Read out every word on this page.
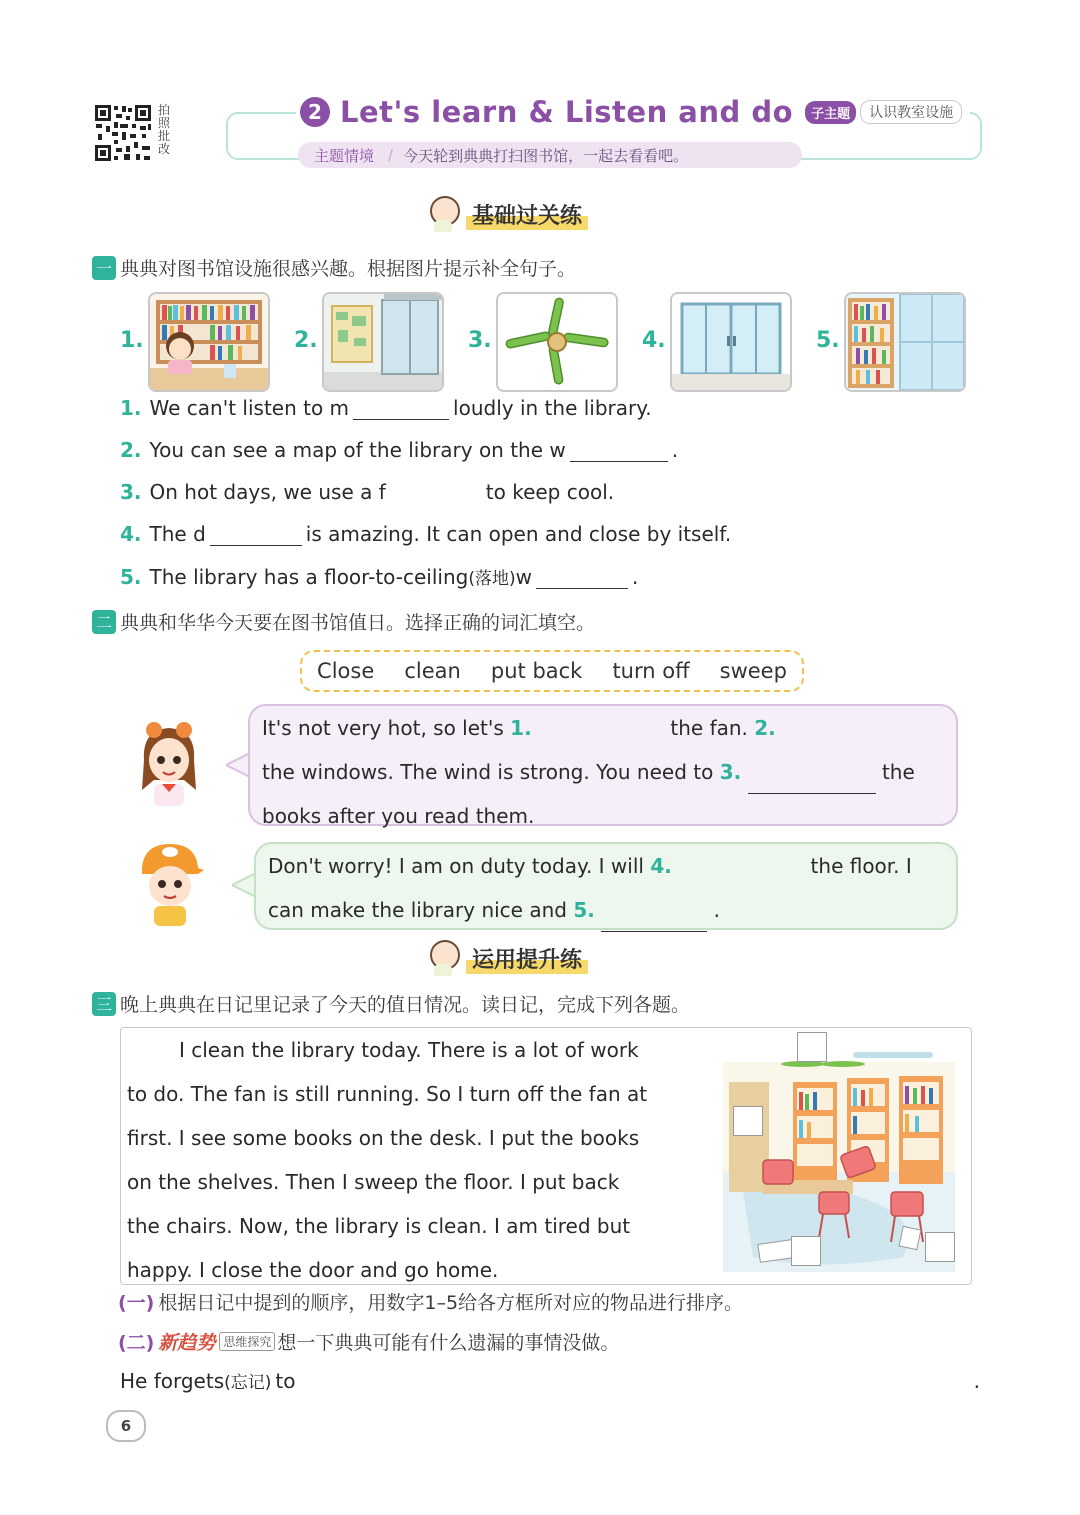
拍照批改
2 Let's learn & Listen and do	子主题	认识教室设施
主题情境 / 今天轮到典典打扫图书馆，一起去看看吧。
基础过关练
一 典典对图书馆设施很感兴趣。根据图片提示补全句子。
1.	2.	3.	4.	5.
1. We can't listen to m	loudly in the library.
2. You can see a map of the library on the w	.
3. On hot days, we use a f	to keep cool.
4. The d	is amazing. It can open and close by itself.
5. The library has a floor-to-ceiling (落地) w	.
二 典典和华华今天要在图书馆值日。选择正确的词汇填空。
Close clean put back turn off sweep
It's not very hot, so let's 1.	the fan. 2.
the windows. The wind is strong. You need to 3.	the
books after you read them.
Don't worry! I am on duty today. I will 4.	the floor. I
can make the library nice and 5.	.
运用提升练
三 晚上典典在日记里记录了今天的值日情况。读日记，完成下列各题。
I clean the library today. There is a lot of work
to do. The fan is still running. So I turn off the fan at
first. I see some books on the desk. I put the books
on the shelves. Then I sweep the floor. I put back
the chairs. Now, the library is clean. I am tired but
happy. I close the door and go home.
(一) 根据日记中提到的顺序，用数字1–5给各方框所对应的物品进行排序。
(二) 新趋势 思维探究 想一下典典可能有什么遗漏的事情没做。
He forgets (忘记) to	.
6
